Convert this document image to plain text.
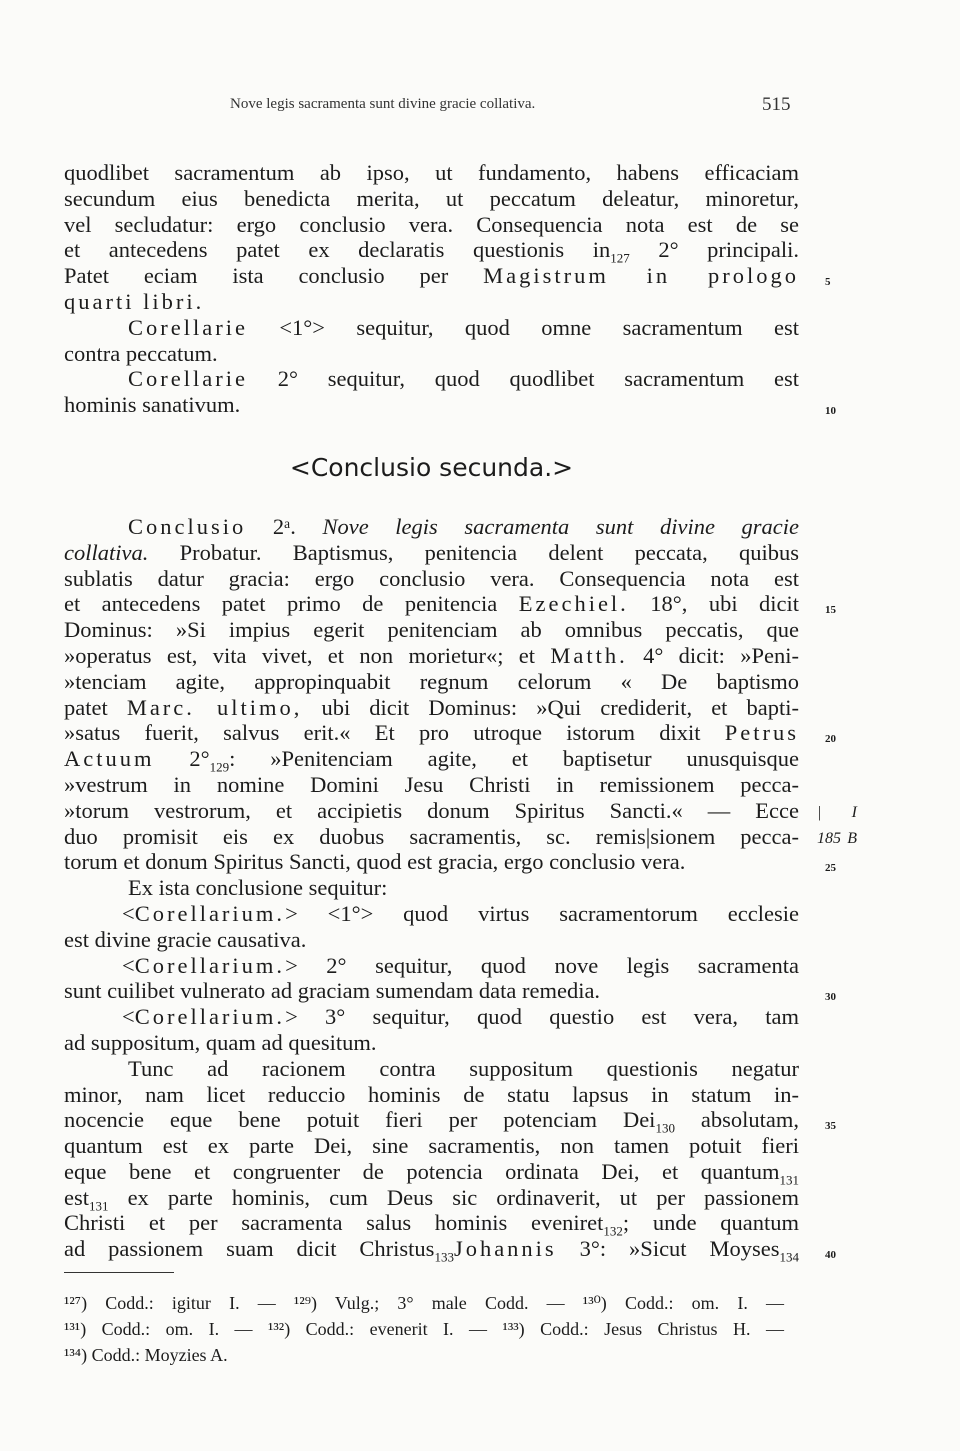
Nove legis sacramenta sunt divine gracie collativa.	515
quodlibet sacramentum ab ipso, ut fundamento, habens efficaciam
secundum eius benedicta merita, ut peccatum deleatur, minoretur,
vel secludatur: ergo conclusio vera. Consequencia nota est de se
et antecedens patet ex declaratis questionis $in_{127}$ 2° principali.
Patet eciam ista conclusio per Magistrum in prologo 5
quarti libri.
Corellarie <1°> sequitur, quod omne sacramentum est
contra peccatum.
Corellarie 2° sequitur, quod quodlibet sacramentum est
hominis sanativum.	10
<Conclusio secunda.>
Conclusio 2ᵃ. Nove legis sacramenta sunt divine gracie
collativa. Probatur. Baptismus, penitencia delent peccata, quibus
sublatis datur gracia: ergo conclusio vera. Consequencia nota est
et antecedens patet primo de penitencia Ezechiel. 18°, ubi dicit 15
Dominus: »Si impius egerit penitenciam ab omnibus peccatis, que
»operatus est, vita vivet, et non morietur«; et Matth. 4° dicit: »Peni-
»tenciam agite, appropinquabit regnum celorum « De baptismo
patet Marc. ultimo, ubi dicit Dominus: »Qui crediderit, et bapti-
»satus fuerit, salvus erit.« Et pro utroque istorum dixit Petrus 20
Actuum $2^\circ_{129}$: »Penitenciam agite, et baptisetur unusquisque
»vestrum in nomine Domini Jesu Christi in remissionem pecca-
»torum vestrorum, et accipietis donum Spiritus Sancti.« — Ecce | I
duo promisit eis ex duobus sacramentis, sc. remis|sionem pecca- 185 B
torum et donum Spiritus Sancti, quod est gracia, ergo conclusio vera.	25
Ex ista conclusione sequitur:
<Corellarium.> <1°> quod virtus sacramentorum ecclesie
est divine gracie causativa.
<Corellarium.> 2° sequitur, quod nove legis sacramenta
sunt cuilibet vulnerato ad graciam sumendam data remedia.	30
<Corellarium.> 3° sequitur, quod questio est vera, tam
ad suppositum, quam ad quesitum.
Tunc ad racionem contra suppositum questionis negatur
minor, nam licet reduccio hominis de statu lapsus in statum in-
nocencie eque bene potuit fieri per potenciam Dei$_{130}$ absolutam, 35
quantum est ex parte Dei, sine sacramentis, non tamen potuit fieri
eque bene et congruenter de potencia ordinata Dei, et quantum$_{131}$
est$_{131}$ ex parte hominis, cum Deus sic ordinaverit, ut per passionem
Christi et per sacramenta salus hominis eveniret$_{132}$; unde quantum
ad passionem suam dicit Christus$_{133}$Johannis 3°: »Sicut Moyses$_{134}$ 40
¹²⁷) Codd.: igitur I. — ¹²⁹) Vulg.; 3° male Codd. — ¹³⁰) Codd.: om. I. —
¹³¹) Codd.: om. I. — ¹³²) Codd.: evenerit I. — ¹³³) Codd.: Jesus Christus H. —
¹³⁴) Codd.: Moyzies A.
